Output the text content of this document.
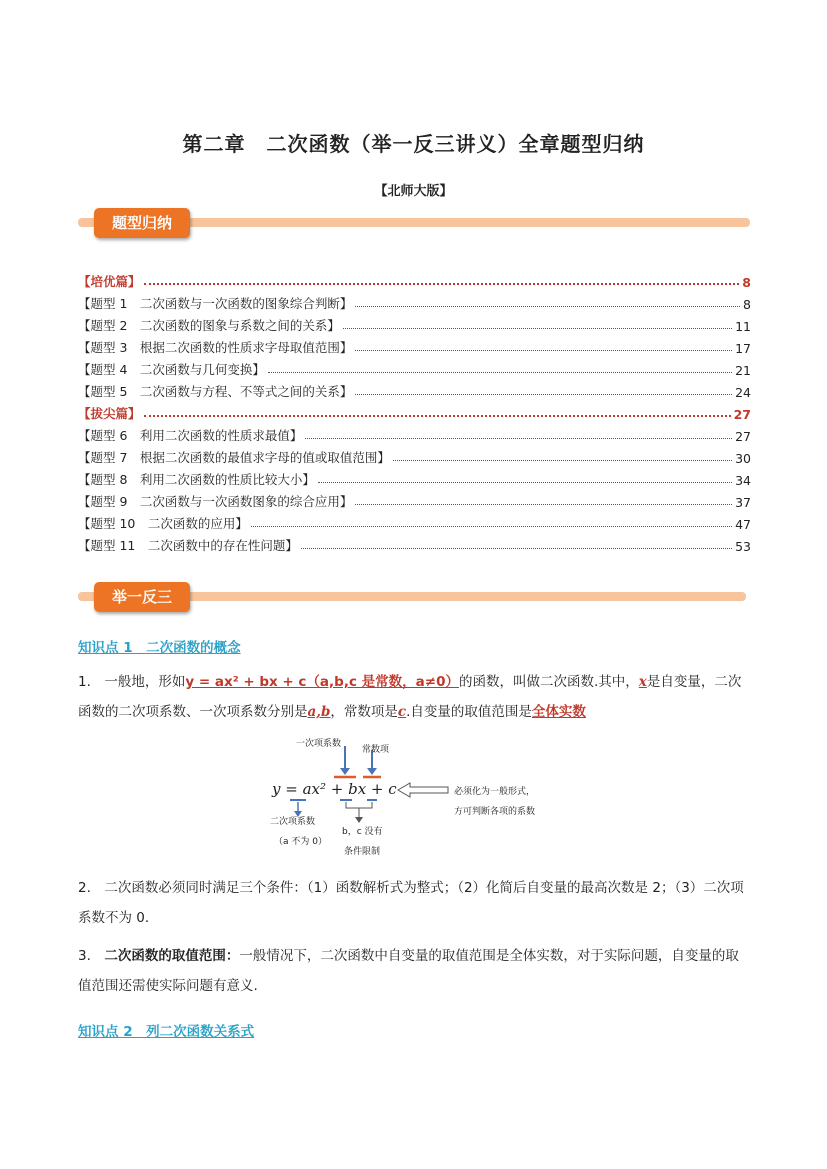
第二章　二次函数（举一反三讲义）全章题型归纳
【北师大版】
题型归纳
【培优篇】	8
【题型 1　二次函数与一次函数的图象综合判断】	8
【题型 2　二次函数的图象与系数之间的关系】	11
【题型 3　根据二次函数的性质求字母取值范围】	17
【题型 4　二次函数与几何变换】	21
【题型 5　二次函数与方程、不等式之间的关系】	24
【拔尖篇】	27
【题型 6　利用二次函数的性质求最值】	27
【题型 7　根据二次函数的最值求字母的值或取值范围】	30
【题型 8　利用二次函数的性质比较大小】	34
【题型 9　二次函数与一次函数图象的综合应用】	37
【题型 10　二次函数的应用】	47
【题型 11　二次函数中的存在性问题】	53
举一反三
知识点 1　二次函数的概念
1.　一般地，形如y = ax² + bx + c（a,b,c 是常数，a≠0）的函数，叫做二次函数.其中，x是自变量，二次函数的二次项系数、一次项系数分别是a,b，常数项是c.自变量的取值范围是全体实数
一次项系数
常数项
y = ax² + bx + c
二次项系数
（a 不为 0）
b，c 没有
条件限制
必须化为一般形式，
方可判断各项的系数
2.　二次函数必须同时满足三个条件：（1）函数解析式为整式；（2）化简后自变量的最高次数是 2；（3）二次项系数不为 0.
3.　二次函数的取值范围：一般情况下，二次函数中自变量的取值范围是全体实数，对于实际问题，自变量的取值范围还需使实际问题有意义.
知识点 2　列二次函数关系式
